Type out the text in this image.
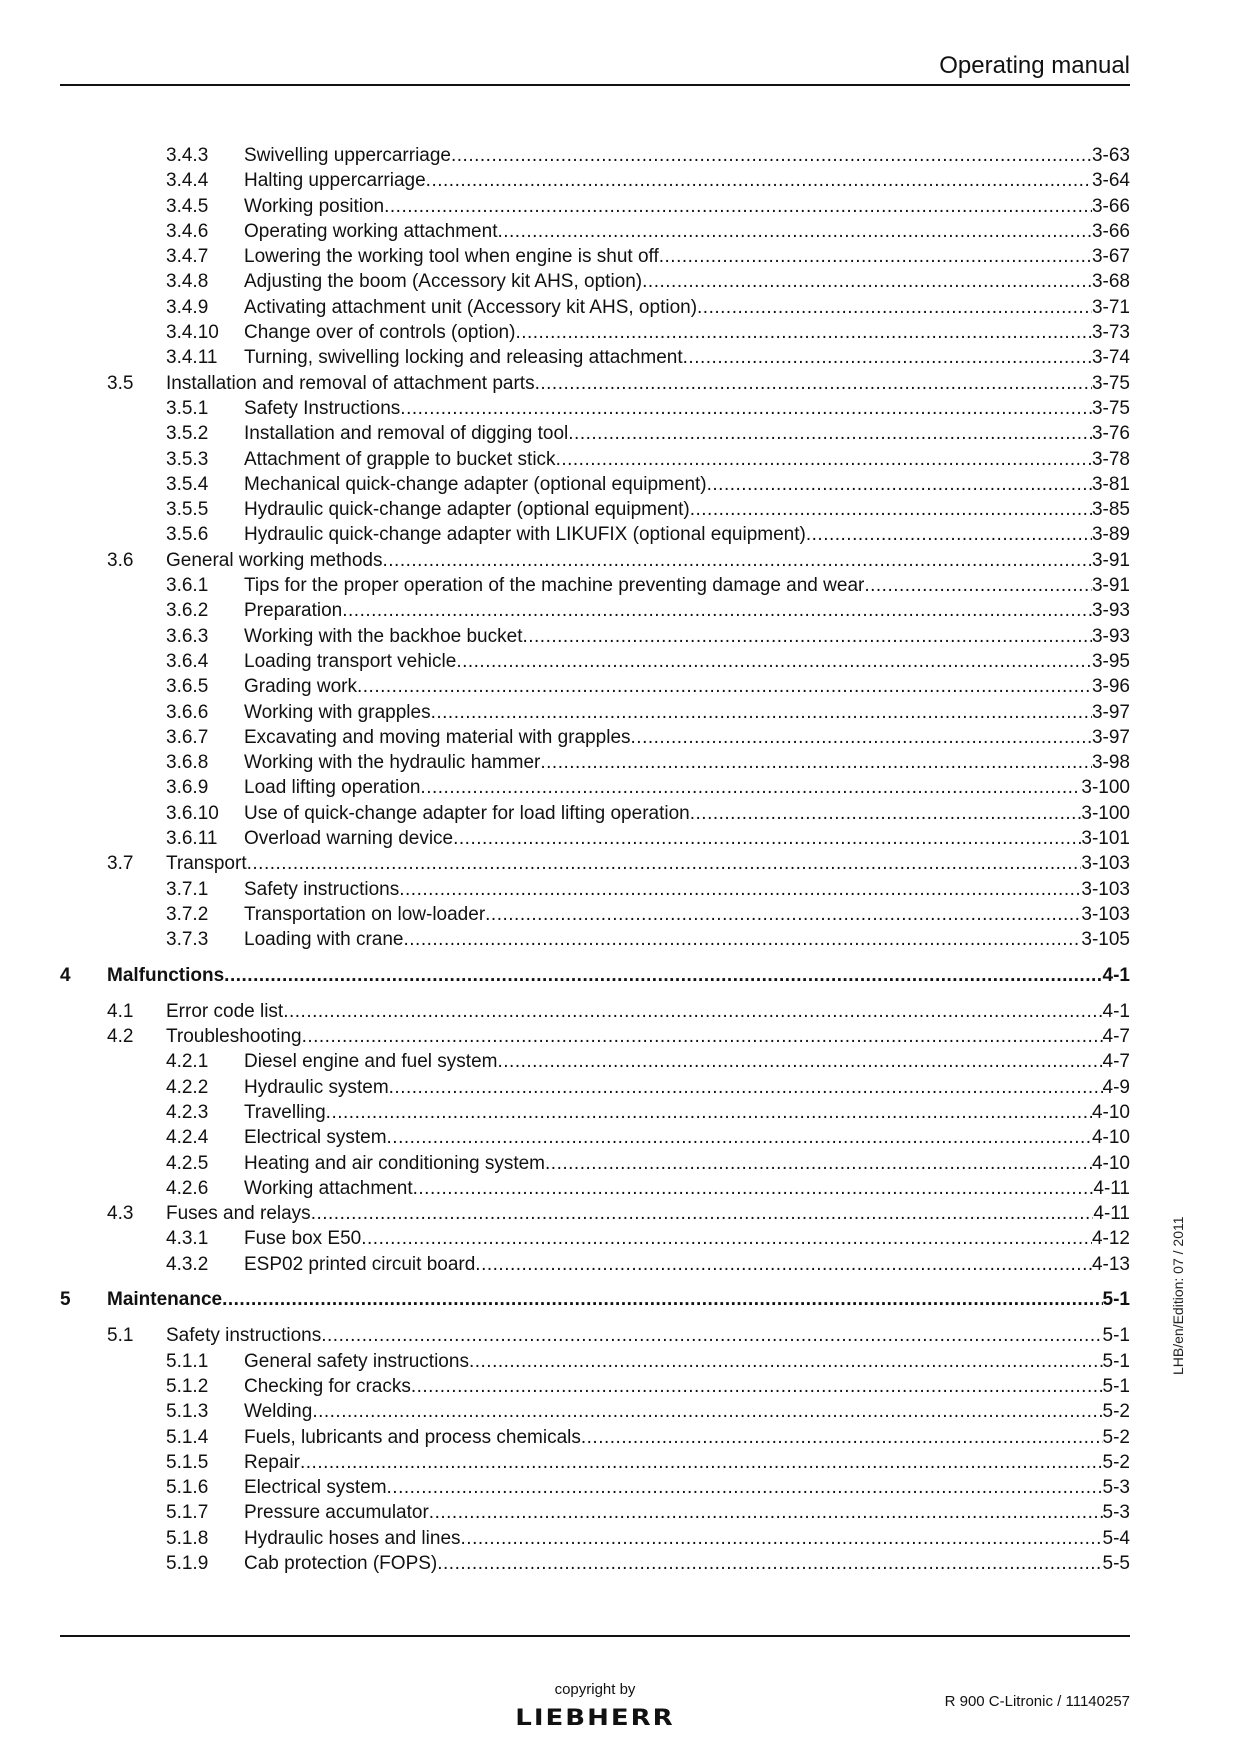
Operating manual
3.4.3 Swivelling uppercarriage .....	3-63
3.4.4 Halting uppercarriage .....	3-64
3.4.5 Working position .....	3-66
3.4.6 Operating working attachment .....	3-66
3.4.7 Lowering the working tool when engine is shut off .....	3-67
3.4.8 Adjusting the boom (Accessory kit AHS, option) .....	3-68
3.4.9 Activating attachment unit (Accessory kit AHS, option) .....	3-71
3.4.10 Change over of controls (option) .....	3-73
3.4.11 Turning, swivelling locking and releasing attachment .....	3-74
3.5 Installation and removal of attachment parts .....	3-75
3.5.1 Safety Instructions .....	3-75
3.5.2 Installation and removal of digging tool .....	3-76
3.5.3 Attachment of grapple to bucket stick .....	3-78
3.5.4 Mechanical quick-change adapter (optional equipment) .....	3-81
3.5.5 Hydraulic quick-change adapter (optional equipment) .....	3-85
3.5.6 Hydraulic quick-change adapter with LIKUFIX (optional equipment) .....	3-89
3.6 General working methods .....	3-91
3.6.1 Tips for the proper operation of the machine preventing damage and wear .....	3-91
3.6.2 Preparation .....	3-93
3.6.3 Working with the backhoe bucket .....	3-93
3.6.4 Loading transport vehicle .....	3-95
3.6.5 Grading work .....	3-96
3.6.6 Working with grapples .....	3-97
3.6.7 Excavating and moving material with grapples .....	3-97
3.6.8 Working with the hydraulic hammer .....	3-98
3.6.9 Load lifting operation .....	3-100
3.6.10 Use of quick-change adapter for load lifting operation .....	3-100
3.6.11 Overload warning device .....	3-101
3.7 Transport .....	3-103
3.7.1 Safety instructions .....	3-103
3.7.2 Transportation on low-loader .....	3-103
3.7.3 Loading with crane .....	3-105
4 Malfunctions .....	4-1
4.1 Error code list .....	4-1
4.2 Troubleshooting .....	4-7
4.2.1 Diesel engine and fuel system .....	4-7
4.2.2 Hydraulic system .....	4-9
4.2.3 Travelling .....	4-10
4.2.4 Electrical system .....	4-10
4.2.5 Heating and air conditioning system .....	4-10
4.2.6 Working attachment .....	4-11
4.3 Fuses and relays .....	4-11
4.3.1 Fuse box E50 .....	4-12
4.3.2 ESP02 printed circuit board .....	4-13
5 Maintenance .....	5-1
5.1 Safety instructions .....	5-1
5.1.1 General safety instructions .....	5-1
5.1.2 Checking for cracks .....	5-1
5.1.3 Welding .....	5-2
5.1.4 Fuels, lubricants and process chemicals .....	5-2
5.1.5 Repair .....	5-2
5.1.6 Electrical system .....	5-3
5.1.7 Pressure accumulator .....	5-3
5.1.8 Hydraulic hoses and lines .....	5-4
5.1.9 Cab protection (FOPS) .....	5-5
LHB/en/Edition: 07 / 2011
copyright by
LIEBHERR
R 900 C-Litronic / 11140257
